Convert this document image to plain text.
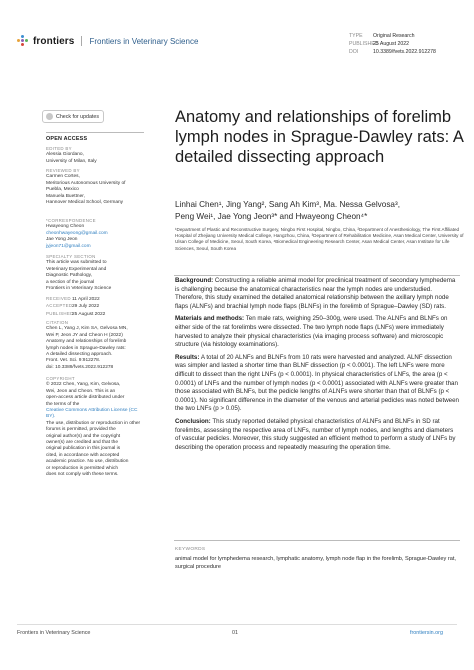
frontiers Frontiers in Veterinary Science
TYPE Original Research
PUBLISHED25 August 2022
DOI	10.3389/fvets.2022.912278
Check for updates
OPEN ACCESS
EDITED BY
Alessia Giordano,
University of Milan, Italy
REVIEWED BY
Carmen Cortes,
Meritorious Autonomous University of
Puebla, Mexico
Manuela Buettner,
Hannover Medical School, Germany
*CORRESPONDENCE
Hwayeong Cheon
cheonhwayeong@gmail.com
Jae Yong Jeon
jyjeon71@gmail.com
SPECIALTY SECTION
This article was submitted to
Veterinary Experimental and
Diagnostic Pathology,
a section of the journal
Frontiers in Veterinary Science
RECEIVED11 April 2022
ACCEPTED29 July 2022
PUBLISHED25 August 2022
CITATION
Chen L, Yang J, Kim SA, Gelvosa MN,
Wei P, Jeon JY and Cheon H (2022)
Anatomy and relationships of forelimb
lymph nodes in Sprague-Dawley rats:
A detailed dissecting approach.
Front. Vet. Sci. 9:912278.
doi: 10.3389/fvets.2022.912278
COPYRIGHT
© 2022 Chen, Yang, Kim, Gelvosa,
Wei, Jeon and Cheon. This is an
open-access article distributed under
the terms of the
Creative Commons Attribution License (CC BY).
The use, distribution or reproduction in other
forums is permitted, provided the
original author(s) and the copyright
owner(s) are credited and that the
original publication in this journal is
cited, in accordance with accepted
academic practice. No use, distribution
or reproduction is permitted which
does not comply with these terms.
Anatomy and relationships of forelimb lymph nodes in Sprague-Dawley rats: A detailed dissecting approach
Linhai Chen¹, Jing Yang², Sang Ah Kim³, Ma. Nessa Gelvosa³,
Peng Wei¹, Jae Yong Jeon³* and Hwayeong Cheon⁴*
¹Department of Plastic and Reconstructive Surgery, Ningbo First Hospital, Ningbo, China, ²Department of Anesthesiology, The First Affiliated Hospital of Zhejiang University Medical College, Hangzhou, China, ³Department of Rehabilitation Medicine, Asan Medical Center, University of Ulsan College of Medicine, Seoul, South Korea, ⁴Biomedical Engineering Research Center, Asan Medical Center, Asan Institute for Life Sciences, Seoul, South Korea

Background: Constructing a reliable animal model for preclinical treatment of secondary lymphedema is challenging because the anatomical characteristics near the lymph nodes are understudied. Therefore, this study examined the detailed anatomical relationship between the axillary lymph node flaps (ALNFs) and brachial lymph node flaps (BLNFs) in the forelimb of Sprague–Dawley (SD) rats.

Materials and methods: Ten male rats, weighing 250–300g, were used. The ALNFs and BLNFs on either side of the rat forelimbs were dissected. The two lymph node flaps (LNFs) were immediately harvested to analyze their physical characteristics (via imaging process software) and microscopic structure (via histology examinations).

Results: A total of 20 ALNFs and BLNFs from 10 rats were harvested and analyzed. ALNF dissection was simpler and lasted a shorter time than BLNF dissection (p < 0.0001). The left LNFs were more difficult to dissect than the right LNFs (p < 0.0001). In physical characteristics of LNFs, the area (p < 0.0001) of LNFs and the number of lymph nodes (p < 0.0001) associated with ALNFs were greater than those associated with BLNFs, but the pedicle lengths of ALNFs were shorter than that of BLNFs (p < 0.0001). No significant difference in the diameter of the venous and arterial pedicles was noted between the two LNFs (p > 0.05).

Conclusion: This study reported detailed physical characteristics of ALNFs and BLNFs in SD rat forelimbs, assessing the respective area of LNFs, number of lymph nodes, and lengths and diameters of vascular pedicles. Moreover, this study suggested an efficient method to perform a study of LNFs by describing the operation process and repeatedly measuring the operation time.

KEYWORDS
animal model for lymphedema research, lymphatic anatomy, lymph node flap in the forelimb, Sprague-Dawley rat, surgical procedure
Frontiers in Veterinary Science	01	frontiersin.org
